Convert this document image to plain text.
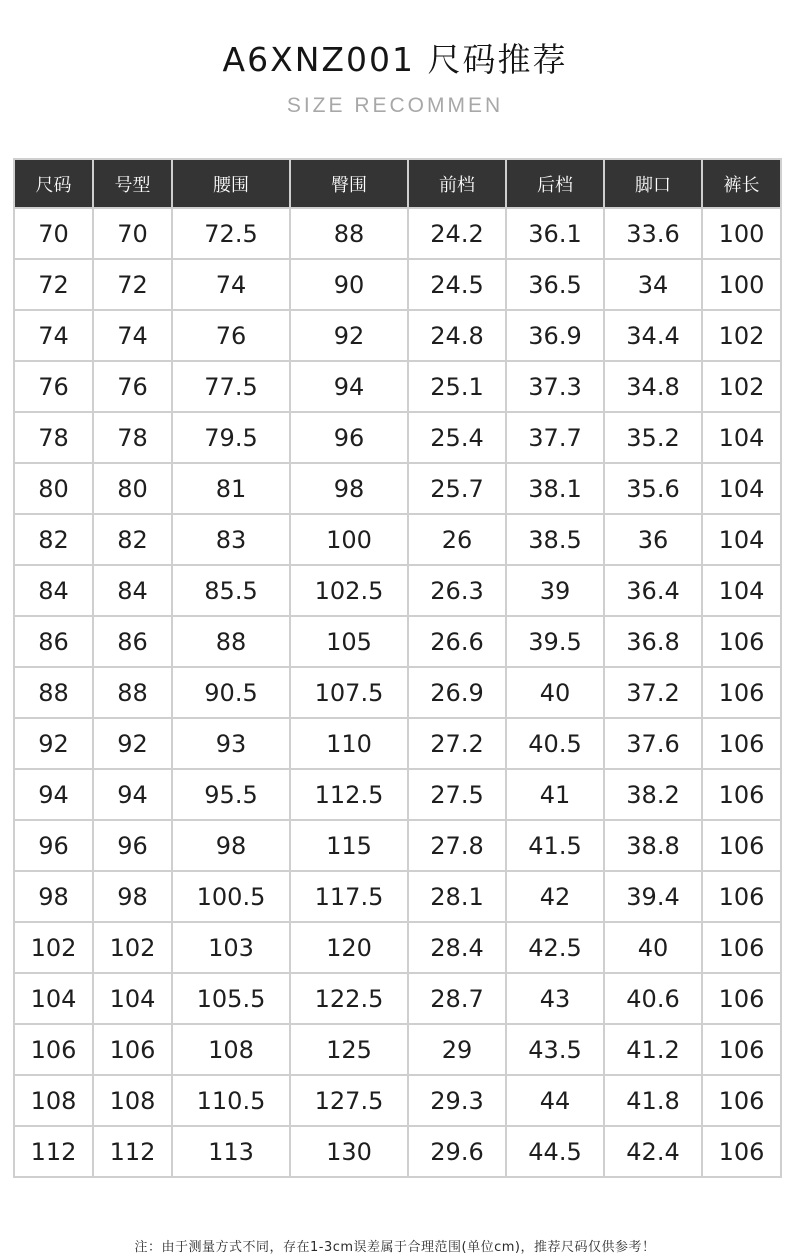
A6XNZ001 尺码推荐
SIZE RECOMMEN
尺码	号型	腰围	臀围	前档	后档	脚口	裤长
70	70	72.5	88	24.2	36.1	33.6	100
72	72	74	90	24.5	36.5	34	100
74	74	76	92	24.8	36.9	34.4	102
76	76	77.5	94	25.1	37.3	34.8	102
78	78	79.5	96	25.4	37.7	35.2	104
80	80	81	98	25.7	38.1	35.6	104
82	82	83	100	26	38.5	36	104
84	84	85.5	102.5	26.3	39	36.4	104
86	86	88	105	26.6	39.5	36.8	106
88	88	90.5	107.5	26.9	40	37.2	106
92	92	93	110	27.2	40.5	37.6	106
94	94	95.5	112.5	27.5	41	38.2	106
96	96	98	115	27.8	41.5	38.8	106
98	98	100.5	117.5	28.1	42	39.4	106
102	102	103	120	28.4	42.5	40	106
104	104	105.5	122.5	28.7	43	40.6	106
106	106	108	125	29	43.5	41.2	106
108	108	110.5	127.5	29.3	44	41.8	106
112	112	113	130	29.6	44.5	42.4	106
注：由于测量方式不同，存在1-3cm误差属于合理范围(单位cm)，推荐尺码仅供参考！
